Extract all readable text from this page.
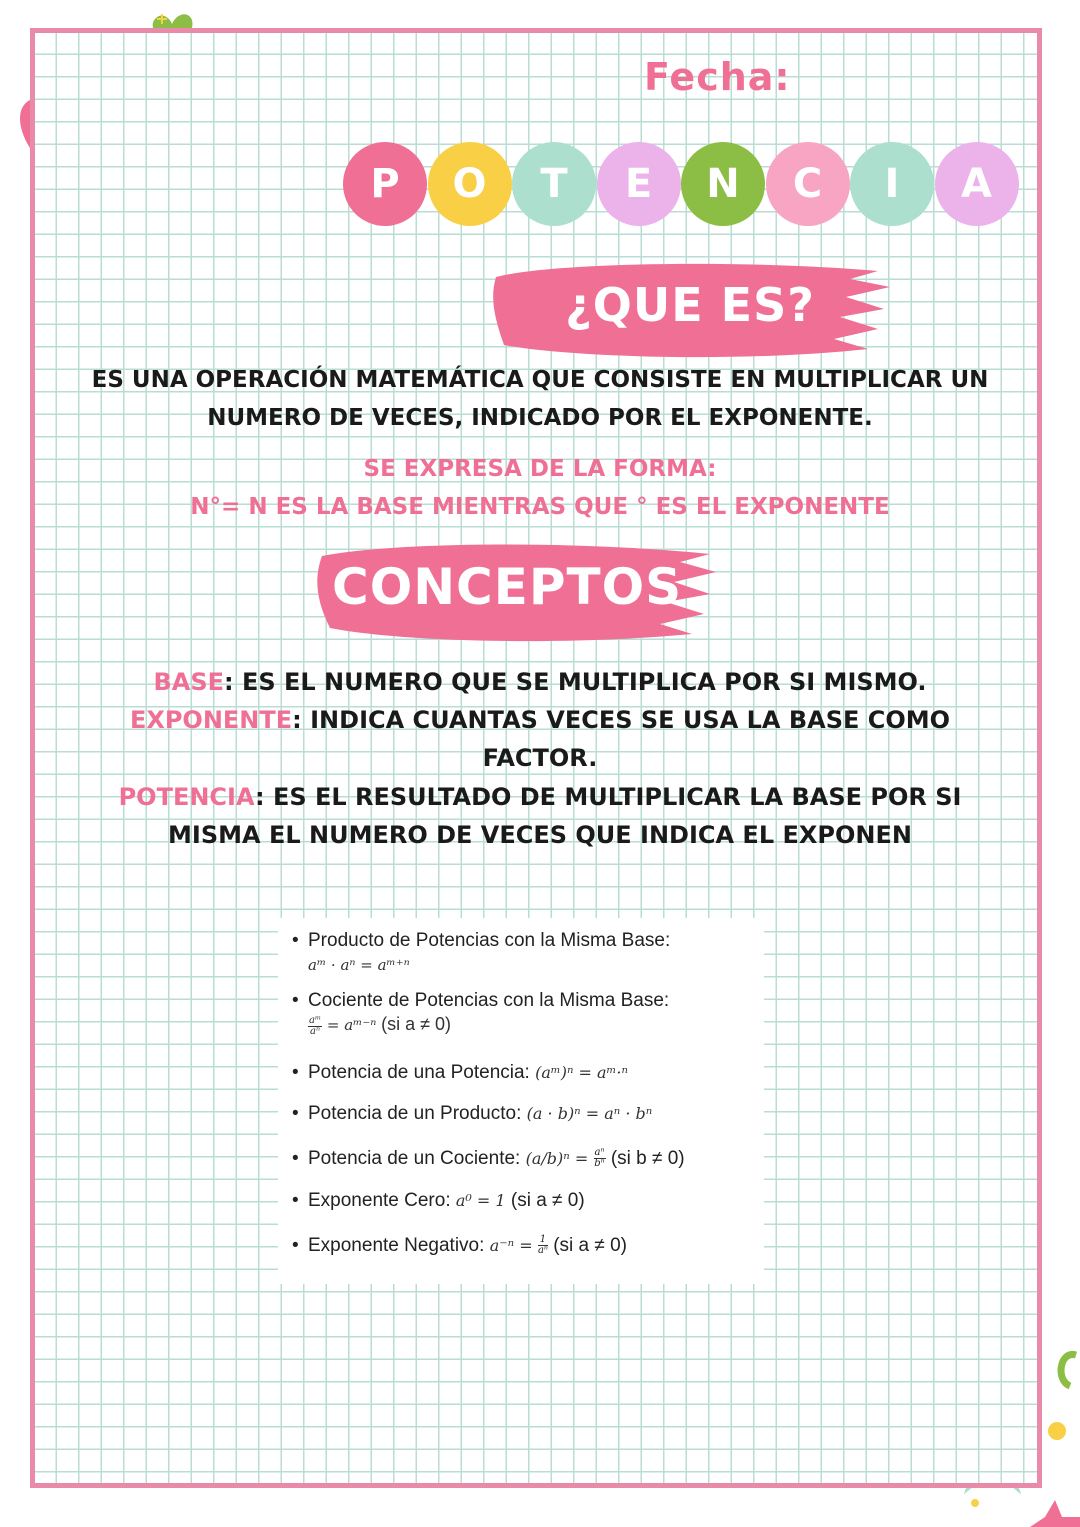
Fecha:
P	O	T	E	N	C	I	A
¿QUE ES?
ES UNA OPERACIÓN MATEMÁTICA QUE CONSISTE EN MULTIPLICAR UN
NUMERO DE VECES, INDICADO POR EL EXPONENTE.
SE EXPRESA DE LA FORMA:
N°= N ES LA BASE MIENTRAS QUE ° ES EL EXPONENTE
CONCEPTOS
BASE: ES EL NUMERO QUE SE MULTIPLICA POR SI MISMO.
EXPONENTE: INDICA CUANTAS VECES SE USA LA BASE COMO
FACTOR.
POTENCIA: ES EL RESULTADO DE MULTIPLICAR LA BASE POR SI
MISMA EL NUMERO DE VECES QUE INDICA EL EXPONEN
• Producto de Potencias con la Misma Base:
aᵐ · aⁿ = aᵐ⁺ⁿ
• Cociente de Potencias con la Misma Base:
$\frac{\text{aᵐ}}{\text{aⁿ}}$ = aᵐ⁻ⁿ (si a ≠ 0)
• Potencia de una Potencia: (aᵐ)ⁿ = aᵐ·ⁿ
• Potencia de un Producto: (a · b)ⁿ = aⁿ · bⁿ
• Potencia de un Cociente: $(a/b)^n = \frac{\text{aⁿ}}{\text{bⁿ}} (si$ b ≠ 0)
• Exponente Cero: a⁰ = 1 (si a ≠ 0)
• Exponente Negativo: $a^{-n} = \frac{1}{\text{aⁿ}} (si$ a ≠ 0)
